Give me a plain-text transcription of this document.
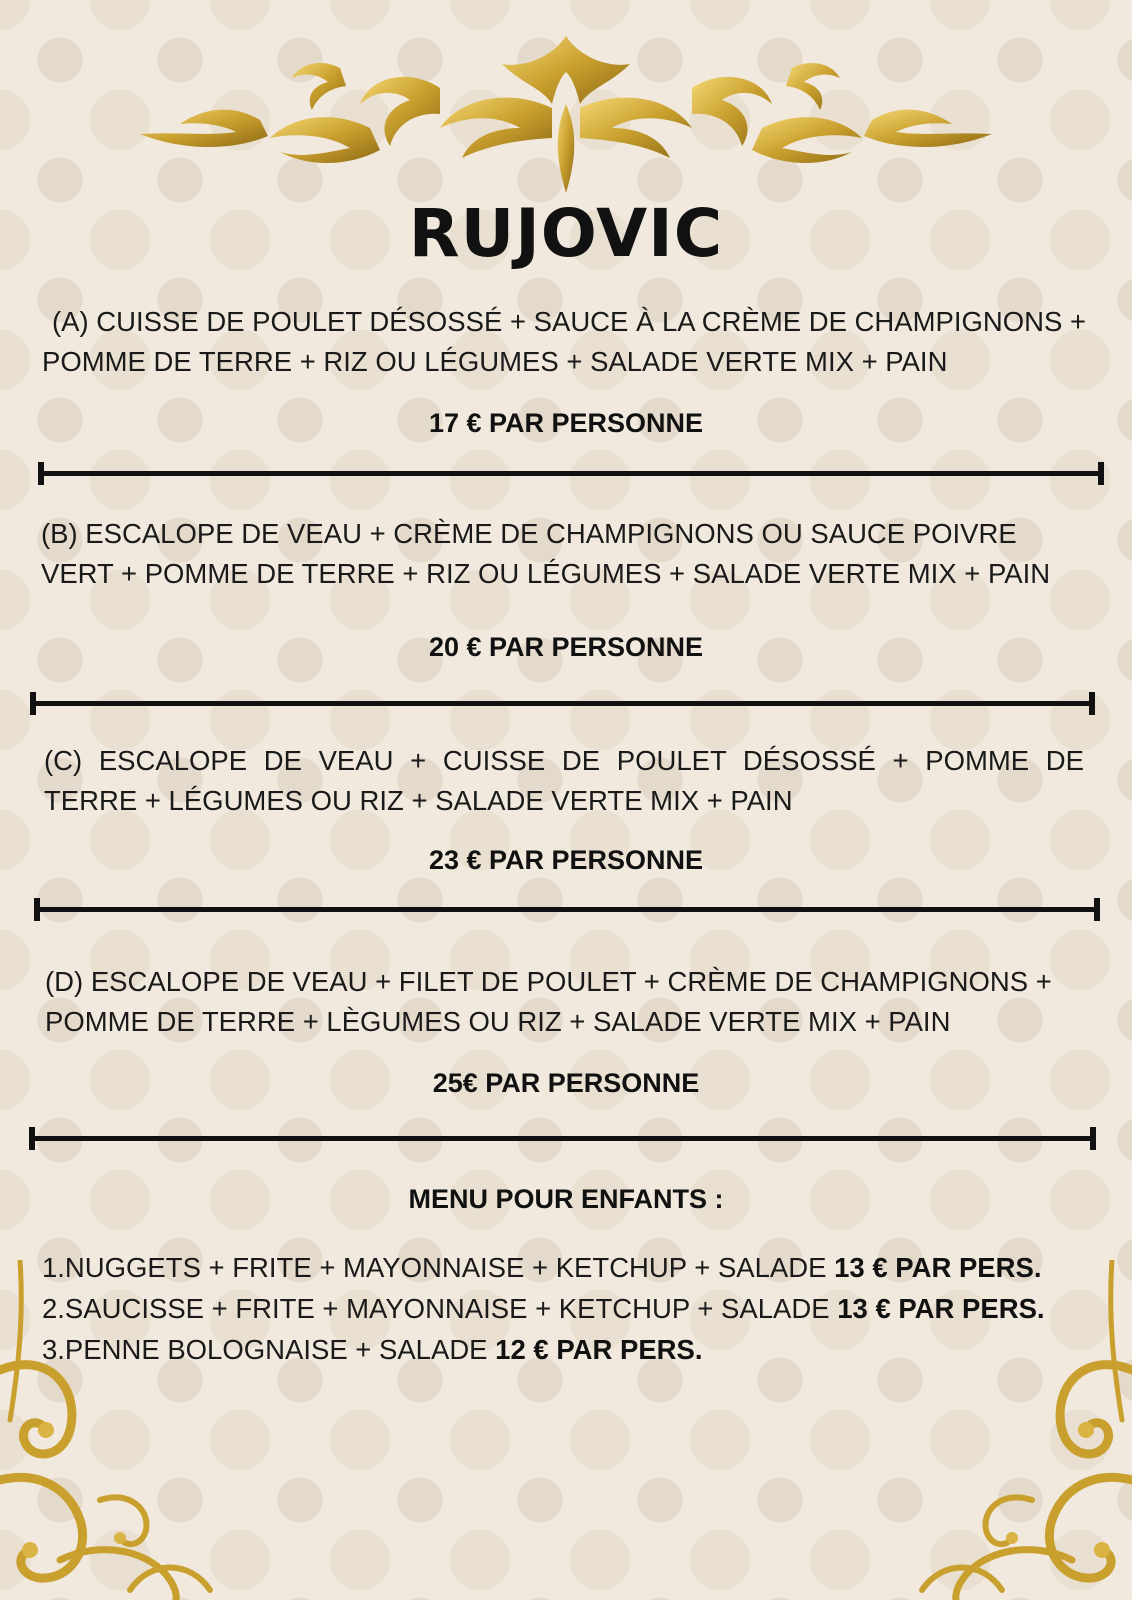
RUJOVIC
(A) CUISSE DE POULET DÉSOSSÉ + SAUCE À LA CRÈME DE CHAMPIGNONS + POMME DE TERRE + RIZ OU LÉGUMES + SALADE VERTE MIX + PAIN
17 € PAR PERSONNE
(B) ESCALOPE DE VEAU + CRÈME DE CHAMPIGNONS OU SAUCE POIVRE VERT + POMME DE TERRE + RIZ OU LÉGUMES + SALADE VERTE MIX + PAIN
20 € PAR PERSONNE
(C) ESCALOPE DE VEAU + CUISSE DE POULET DÉSOSSÉ + POMME DE TERRE + LÉGUMES OU RIZ + SALADE VERTE MIX + PAIN
23 € PAR PERSONNE
(D) ESCALOPE DE VEAU + FILET DE POULET + CRÈME DE CHAMPIGNONS + POMME DE TERRE + LÈGUMES OU RIZ + SALADE VERTE MIX + PAIN
25€ PAR PERSONNE
MENU POUR ENFANTS :
1.NUGGETS + FRITE + MAYONNAISE + KETCHUP + SALADE 13 € PAR PERS.
2.SAUCISSE + FRITE + MAYONNAISE + KETCHUP + SALADE 13 € PAR PERS.
3.PENNE BOLOGNAISE + SALADE 12 € PAR PERS.
